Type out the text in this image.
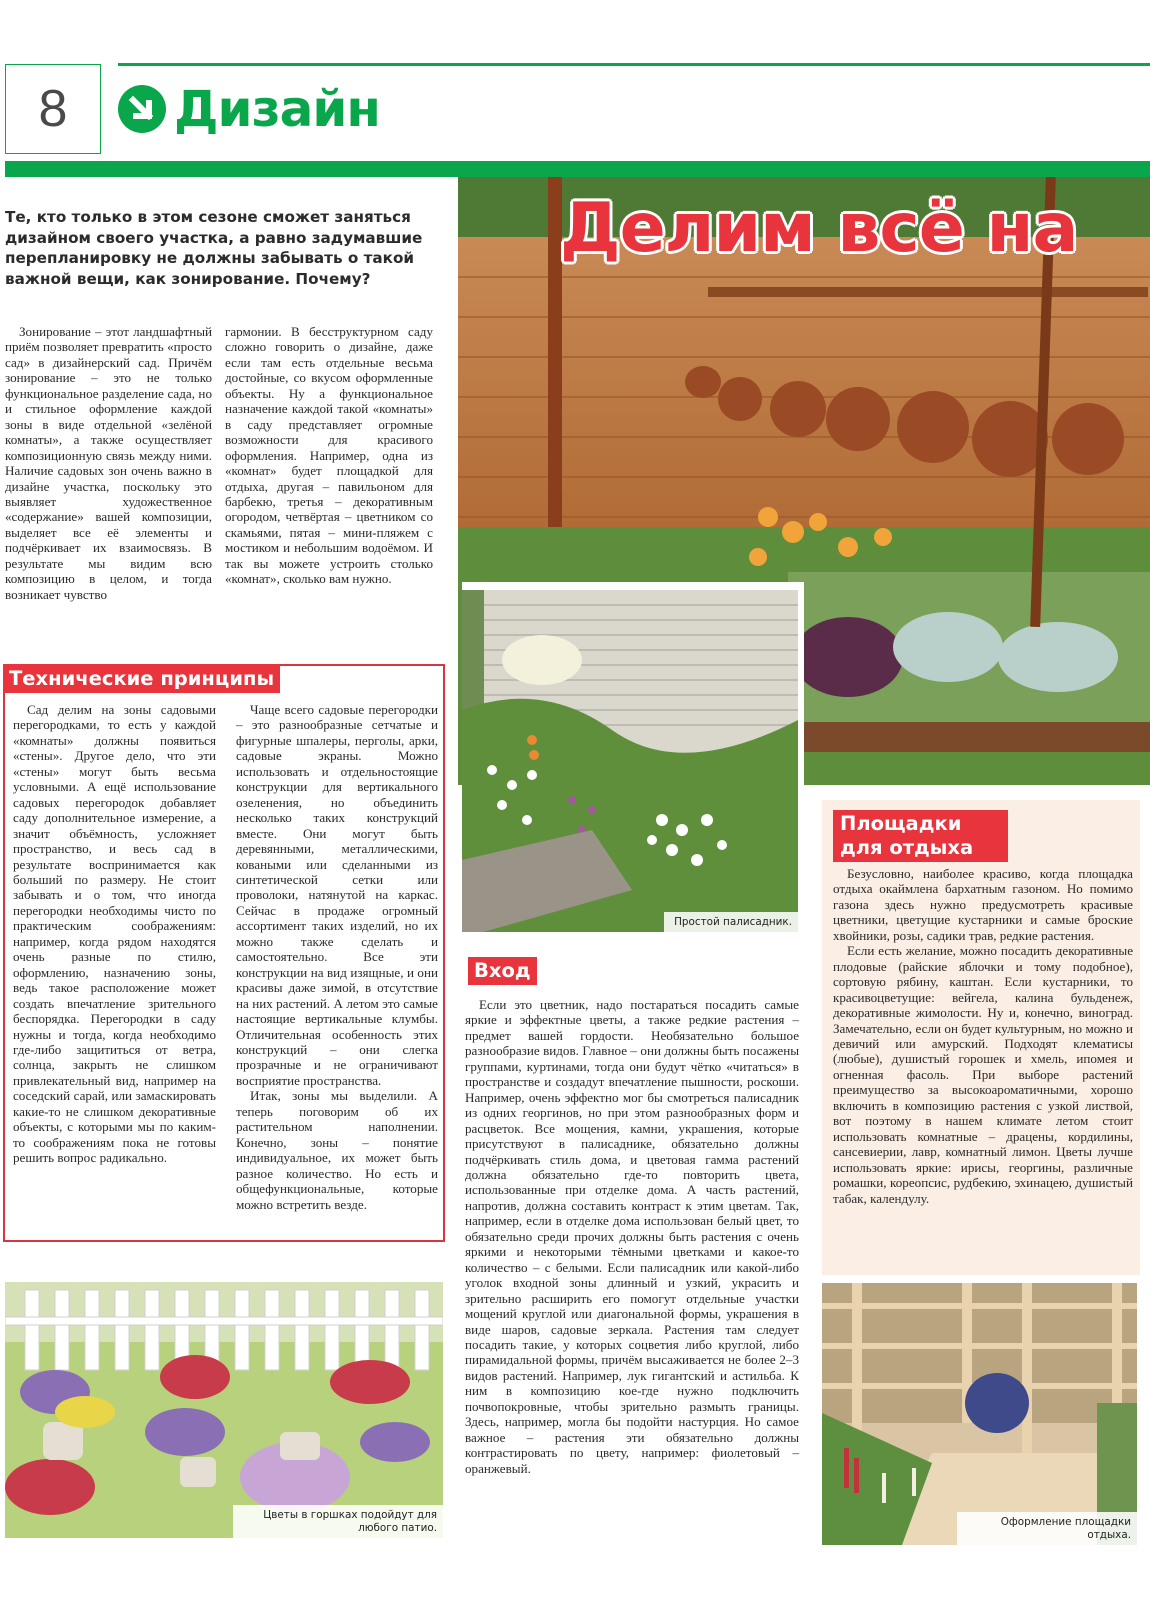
8 Дизайн
Те, кто только в этом сезоне сможет заняться дизайном своего участка, а равно задумавшие перепланировку не должны забывать о такой важной вещи, как зонирование. Почему?

Зонирование – этот ландшафтный приём позволяет превратить «просто сад» в дизайнерский сад. Причём зонирование – это не только функциональное разделение сада, но и стильное оформление каждой зоны в виде отдельной «зелёной комнаты», а также осуществляет композиционную связь между ними. Наличие садовых зон очень важно в дизайне участка, поскольку это выявляет художественное «содержание» вашей композиции, выделяет все её элементы и подчёркивает их взаимосвязь. В результате мы видим всю композицию в целом, и тогда возникает чувство

гармонии. В бесструктурном саду сложно говорить о дизайне, даже если там есть отдельные весьма достойные, со вкусом оформленные объекты. Ну а функциональное назначение каждой такой «комнаты» в саду представляет огромные возможности для красивого оформления. Например, одна из «комнат» будет площадкой для отдыха, другая – павильоном для барбекю, третья – декоративным огородом, четвёртая – цветником со скамьями, пятая – мини-пляжем с мостиком и небольшим водоёмом. И так вы можете устроить столько «комнат», сколько вам нужно.

Делим всё на
Простой палисадник.
Технические принципы

Сад делим на зоны садовыми перегородками, то есть у каждой «комнаты» должны появиться «стены». Другое дело, что эти «стены» могут быть весьма условными. А ещё использование садовых перегородок добавляет саду дополнительное измерение, а значит объёмность, усложняет пространство, и весь сад в результате воспринимается как больший по размеру. Не стоит забывать и о том, что иногда перегородки необходимы чисто по практическим соображениям: например, когда рядом находятся очень разные по стилю, оформлению, назначению зоны, ведь такое расположение может создать впечатление зрительного беспорядка. Перегородки в саду нужны и тогда, когда необходимо где-либо защититься от ветра, солнца, закрыть не слишком привлекательный вид, например на соседский сарай, или замаскировать какие-то не слишком декоративные объекты, с которыми мы по каким-то соображениям пока не готовы решить вопрос радикально.

Чаще всего садовые перегородки – это разнообразные сетчатые и фигурные шпалеры, перголы, арки, садовые экраны. Можно использовать и отдельностоящие конструкции для вертикального озеленения, но объединить несколько таких конструкций вместе. Они могут быть деревянными, металлическими, коваными или сделанными из синтетической сетки или проволоки, натянутой на каркас. Сейчас в продаже огромный ассортимент таких изделий, но их можно также сделать и самостоятельно. Все эти конструкции на вид изящные, и они красивы даже зимой, в отсутствие на них растений. А летом это самые настоящие вертикальные клумбы. Отличительная особенность этих конструкций – они слегка прозрачные и не ограничивают восприятие пространства.

Итак, зоны мы выделили. А теперь поговорим об их растительном наполнении. Конечно, зоны – понятие индивидуальное, их может быть разное количество. Но есть и общефункциональные, которые можно встретить везде.

Цветы в горшках подойдут для любого патио.
Вход

Если это цветник, надо постараться посадить самые яркие и эффектные цветы, а также редкие растения – предмет вашей гордости. Необязательно большое разнообразие видов. Главное – они должны быть посажены группами, куртинами, тогда они будут чётко «читаться» в пространстве и создадут впечатление пышности, роскоши. Например, очень эффектно мог бы смотреться палисадник из одних георгинов, но при этом разнообразных форм и расцветок. Все мощения, камни, украшения, которые присутствуют в палисаднике, обязательно должны подчёркивать стиль дома, и цветовая гамма растений должна обязательно где-то повторить цвета, использованные при отделке дома. А часть растений, напротив, должна составить контраст к этим цветам. Так, например, если в отделке дома использован белый цвет, то обязательно среди прочих должны быть растения с очень яркими и некоторыми тёмными цветками и какое-то количество – с белыми. Если палисадник или какой-либо уголок входной зоны длинный и узкий, украсить и зрительно расширить его помогут отдельные участки мощений круглой или диагональной формы, украшения в виде шаров, садовые зеркала. Растения там следует посадить такие, у которых соцветия либо круглой, либо пирамидальной формы, причём высаживается не более 2–3 видов растений. Например, лук гигантский и астильба. К ним в композицию кое-где нужно подключить почвопокровные, чтобы зрительно размыть границы. Здесь, например, могла бы подойти настурция. Но самое важное – растения эти обязательно должны контрастировать по цвету, например: фиолетовый – оранжевый.

Площадки для отдыха

Безусловно, наиболее красиво, когда площадка отдыха окаймлена бархатным газоном. Но помимо газона здесь нужно предусмотреть красивые цветники, цветущие кустарники и самые броские хвойники, розы, садики трав, редкие растения.

Если есть желание, можно посадить декоративные плодовые (райские яблочки и тому подобное), сортовую рябину, каштан. Если кустарники, то красивоцветущие: вейгела, калина бульденеж, декоративные жимолости. Ну и, конечно, виноград. Замечательно, если он будет культурным, но можно и девичий или амурский. Подходят клематисы (любые), душистый горошек и хмель, ипомея и огненная фасоль. При выборе растений преимущество за высокоароматичными, хорошо включить в композицию растения с узкой листвой, вот поэтому в нашем климате летом стоит использовать комнатные – драцены, кордилины, сансевиерии, лавр, комнатный лимон. Цветы лучше использовать яркие: ирисы, георгины, различные ромашки, кореопсис, рудбекию, эхинацею, душистый табак, календулу.

Оформление площадки отдыха.
